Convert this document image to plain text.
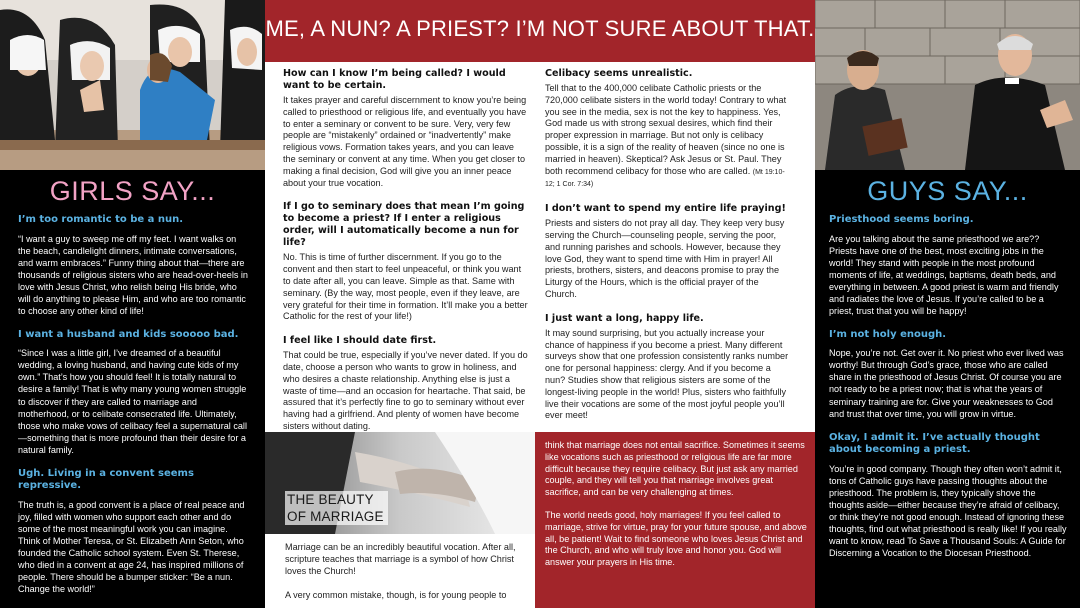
GIRLS SAY...

I’m too romantic to be a nun.

“I want a guy to sweep me off my feet. I want walks on the beach, candlelight dinners, intimate conversations, and warm embraces.” Funny thing about that—there are thousands of religious sisters who are head-over-heels in love with Jesus Christ, who relish being His bride, who will do anything to please Him, and who are too romantic to choose any other kind of life!

I want a husband and kids sooooo bad.

“Since I was a little girl, I’ve dreamed of a beautiful wedding, a loving husband, and having cute kids of my own.” That’s how you should feel! It is totally natural to desire a family! That is why many young women struggle to discover if they are called to marriage and motherhood, or to celibate consecrated life. Ultimately, those who make vows of celibacy feel a supernatural call—something that is more profound than their desire for a natural family.

Ugh. Living in a convent seems repressive.

The truth is, a good convent is a place of real peace and joy, filled with women who support each other and do some of the most meaningful work you can imagine. Think of Mother Teresa, or St. Elizabeth Ann Seton, who founded the Catholic school system. Even St. Therese, who died in a convent at age 24, has inspired millions of people. There should be a bumper sticker: “Be a nun. Change the world!”

ME, A NUN? A PRIEST? I’M NOT SURE ABOUT THAT.

How can I know I’m being called? I would want to be certain.

It takes prayer and careful discernment to know you’re being called to priesthood or religious life, and eventually you have to enter a seminary or convent to be sure. Very, very few people are “mistakenly” ordained or “inadvertently” make religious vows. Formation takes years, and you can leave the seminary or convent at any time. When you get closer to making a final decision, God will give you an inner peace about your true vocation.

If I go to seminary does that mean I’m going to become a priest? If I enter a religious order, will I automatically become a nun for life?

No. This is time of further discernment. If you go to the convent and then start to feel unpeaceful, or think you want to date after all, you can leave. Simple as that. Same with seminary. (By the way, most people, even if they leave, are very grateful for their time in formation. It’ll make you a better Catholic for the rest of your life!)

I feel like I should date first.

That could be true, especially if you’ve never dated. If you do date, choose a person who wants to grow in holiness, and who desires a chaste relationship. Anything else is just a waste of time—and an occasion for heartache. That said, be assured that it’s perfectly fine to go to seminary without ever having had a girlfriend. And plenty of women have become sisters without dating.

Celibacy seems unrealistic.

Tell that to the 400,000 celibate Catholic priests or the 720,000 celibate sisters in the world today! Contrary to what you see in the media, sex is not the key to happiness. Yes, God made us with strong sexual desires, which find their proper expression in marriage. But not only is celibacy possible, it is a sign of the reality of heaven (since no one is married in heaven). Skeptical? Ask Jesus or St. Paul. They both recommend celibacy for those who are called. (Mt 19:10-12; 1 Cor. 7:34)

I don’t want to spend my entire life praying!

Priests and sisters do not pray all day. They keep very busy serving the Church—counseling people, serving the poor, and running parishes and schools. However, because they love God, they want to spend time with Him in prayer! All priests, brothers, sisters, and deacons promise to pray the Liturgy of the Hours, which is the official prayer of the Church.

I just want a long, happy life.

It may sound surprising, but you actually increase your chance of happiness if you become a priest. Many different surveys show that one profession consistently ranks number one for personal happiness: clergy. And if you become a nun? Studies show that religious sisters are some of the longest-living people in the world! Plus, sisters who faithfully live their vocations are some of the most joyful people you’ll ever meet!

THE BEAUTY
OF MARRIAGE

Marriage can be an incredibly beautiful vocation. After all, scripture teaches that marriage is a symbol of how Christ loves the Church!

A very common mistake, though, is for young people to

think that marriage does not entail sacrifice. Sometimes it seems like vocations such as priesthood or religious life are far more difficult because they require celibacy. But just ask any married couple, and they will tell you that marriage involves great sacrifice, and can be very challenging at times.

The world needs good, holy marriages! If you feel called to marriage, strive for virtue, pray for your future spouse, and above all, be patient! Wait to find someone who loves Jesus Christ and the Church, and who will truly love and honor you. God will answer your prayers in His time.

GUYS SAY...

Priesthood seems boring.

Are you talking about the same priesthood we are?? Priests have one of the best, most exciting jobs in the world! They stand with people in the most profound moments of life, at weddings, baptisms, death beds, and everything in between. A good priest is warm and friendly and radiates the love of Jesus. If you’re called to be a priest, trust that you will be happy!

I’m not holy enough.

Nope, you’re not. Get over it. No priest who ever lived was worthy! But through God’s grace, those who are called share in the priesthood of Jesus Christ. Of course you are not ready to be a priest now; that is what the years of seminary training are for. Give your weaknesses to God and trust that over time, you will grow in virtue.

Okay, I admit it. I’ve actually thought about becoming a priest.

You’re in good company. Though they often won’t admit it, tons of Catholic guys have passing thoughts about the priesthood. The problem is, they typically shove the thoughts aside—either because they’re afraid of celibacy, or think they’re not good enough. Instead of ignoring these thoughts, find out what priesthood is really like! If you really want to know, read To Save a Thousand Souls: A Guide for Discerning a Vocation to the Diocesan Priesthood.
